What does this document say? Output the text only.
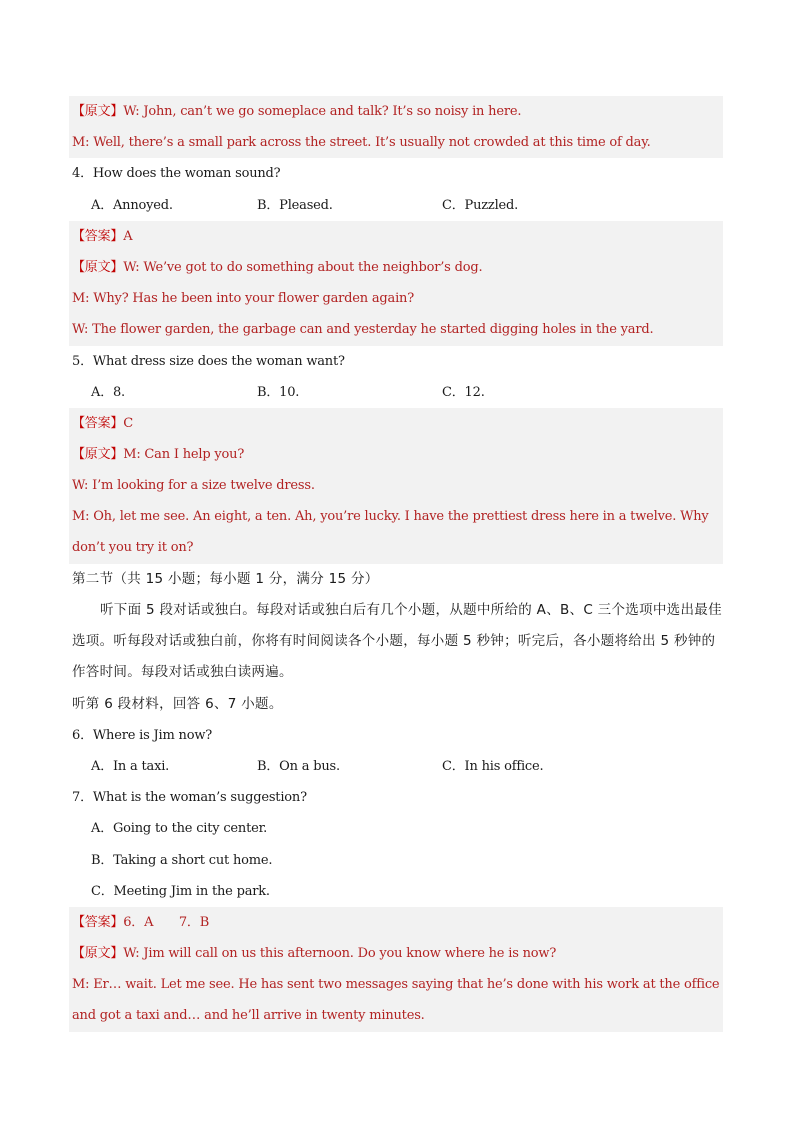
【原文】W: John, can’t we go someplace and talk? It’s so noisy in here.
M: Well, there’s a small park across the street. It’s usually not crowded at this time of day.
4．How does the woman sound?
A．Annoyed.	B．Pleased.	C．Puzzled.
【答案】A
【原文】W: We’ve got to do something about the neighbor’s dog.
M: Why? Has he been into your flower garden again?
W: The flower garden, the garbage can and yesterday he started digging holes in the yard.
5．What dress size does the woman want?
A．8.	B．10.	C．12.
【答案】C
【原文】M: Can I help you?
W: I’m looking for a size twelve dress.
M: Oh, let me see. An eight, a ten. Ah, you’re lucky. I have the prettiest dress here in a twelve. Why don’t you try it on?
第二节（共 15 小题；每小题 1 分，满分 15 分）
听下面 5 段对话或独白。每段对话或独白后有几个小题，从题中所给的 A、B、C 三个选项中选出最佳选项。听每段对话或独白前，你将有时间阅读各个小题，每小题 5 秒钟；听完后，各小题将给出 5 秒钟的作答时间。每段对话或独白读两遍。
听第 6 段材料，回答 6、7 小题。
6．Where is Jim now?
A．In a taxi.	B．On a bus.	C．In his office.
7．What is the woman’s suggestion?
A．Going to the city center.
B．Taking a short cut home.
C．Meeting Jim in the park.
【答案】6．A　　7．B
【原文】W: Jim will call on us this afternoon. Do you know where he is now?
M: Er… wait. Let me see. He has sent two messages saying that he’s done with his work at the office and got a taxi and… and he’ll arrive in twenty minutes.
